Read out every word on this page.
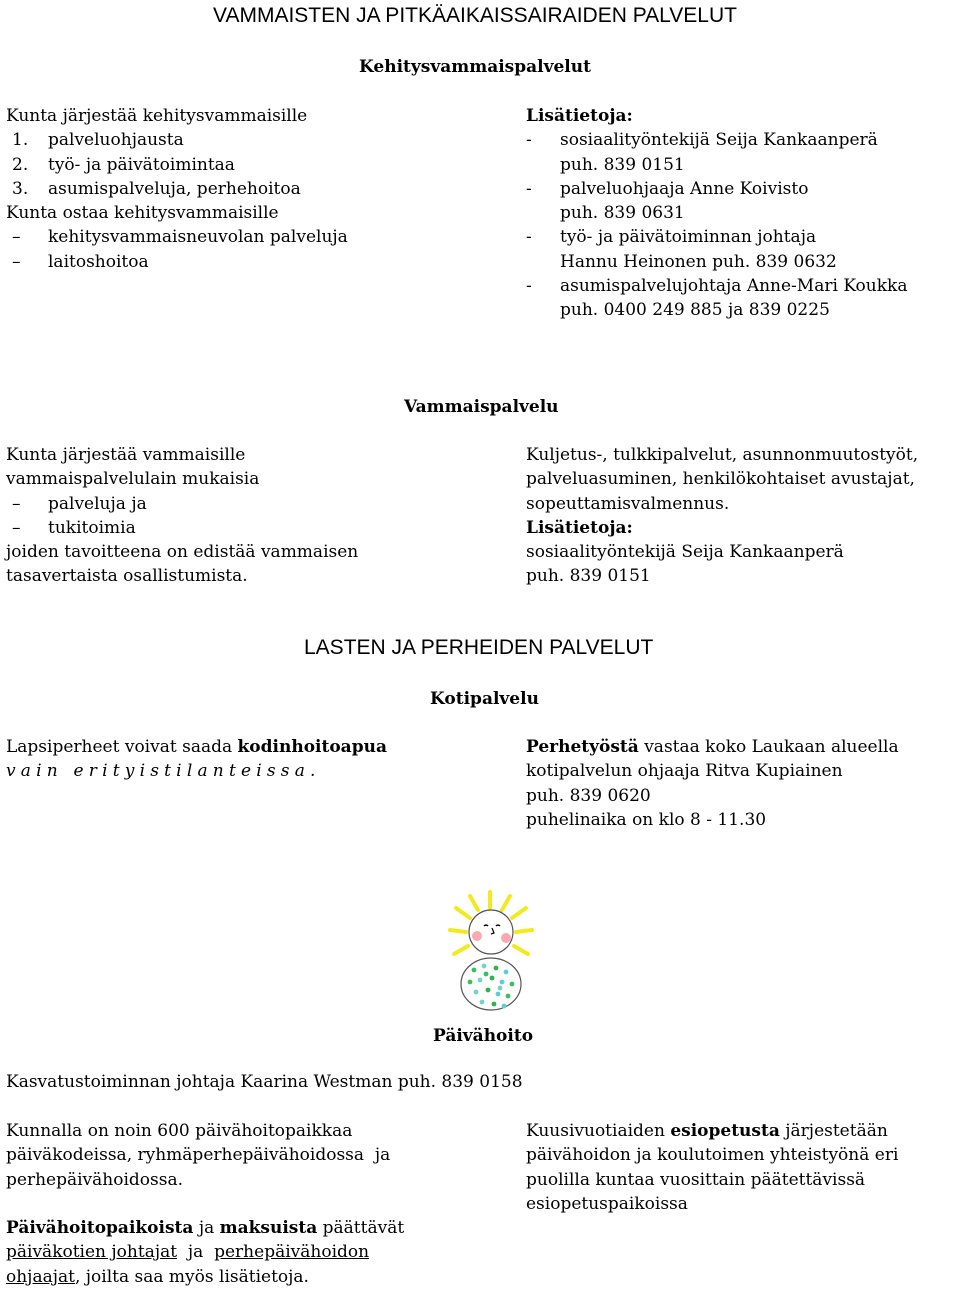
VAMMAISTEN JA PITKÄAIKAISSAIRAIDEN PALVELUT
Kehitysvammaispalvelut
Kunta järjestää kehitysvammaisille
1. palveluohjausta
2. työ- ja päivätoimintaa
3. asumispalveluja, perhehoitoa
Kunta ostaa kehitysvammaisille
– kehitysvammaisneuvolan palveluja
– laitoshoitoa
Lisätietoja:
- sosiaalityöntekijä Seija Kankaanperä
puh. 839 0151
- palveluohjaaja Anne Koivisto
puh. 839 0631
- työ- ja päivätoiminnan johtaja
Hannu Heinonen puh. 839 0632
- asumispalvelujohtaja Anne-Mari Koukka
puh. 0400 249 885 ja 839 0225
Vammaispalvelu
Kunta järjestää vammaisille
vammaispalvelulain mukaisia
– palveluja ja
– tukitoimia
joiden tavoitteena on edistää vammaisen
tasavertaista osallistumista.
Kuljetus-, tulkkipalvelut, asunnonmuutostyöt,
palveluasuminen, henkilökohtaiset avustajat,
sopeuttamisvalmennus.
Lisätietoja:
sosiaalityöntekijä Seija Kankaanperä
puh. 839 0151
LASTEN JA PERHEIDEN PALVELUT
Kotipalvelu
Lapsiperheet voivat saada kodinhoitoapua
vain erityistilanteissa.
Perhetyöstä vastaa koko Laukaan alueella
kotipalvelun ohjaaja Ritva Kupiainen
puh. 839 0620
puhelinaika on klo 8 - 11.30
Päivähoito
Kasvatustoiminnan johtaja Kaarina Westman puh. 839 0158
Kunnalla on noin 600 päivähoitopaikkaa
päiväkodeissa, ryhmäperhepäivähoidossa  ja
perhepäivähoidossa.
Päivähoitopaikoista ja maksuista päättävät
päiväkotien johtajat  ja  perhepäivähoidon
ohjaajat, joilta saa myös lisätietoja.
Kuusivuotiaiden esiopetusta järjestetään
päivähoidon ja koulutoimen yhteistyönä eri
puolilla kuntaa vuosittain päätettävissä
esiopetuspaikoissa
